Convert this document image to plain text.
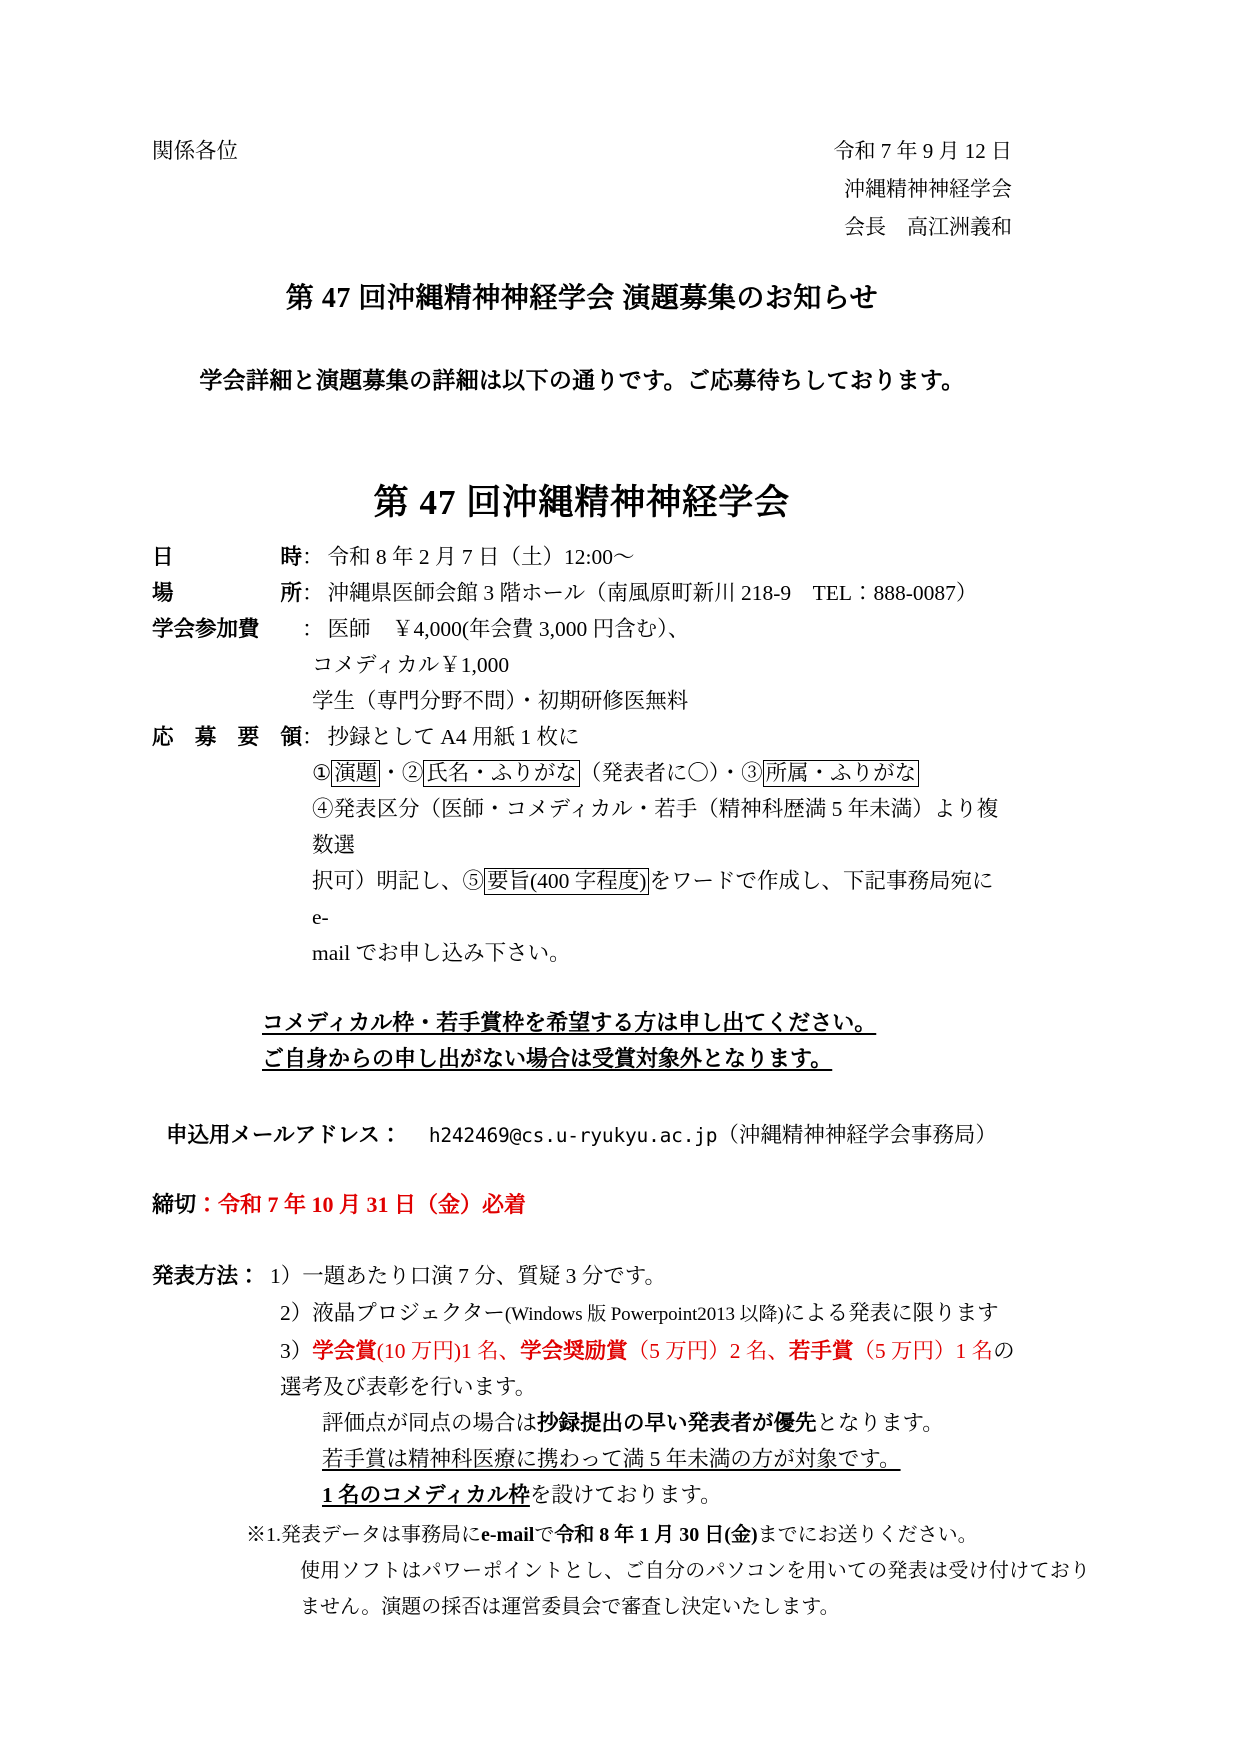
関係各位	令和 7 年 9 月 12 日
沖縄精神神経学会
会長　高江洲義和
第 47 回沖縄精神神経学会 演題募集のお知らせ
学会詳細と演題募集の詳細は以下の通りです。ご応募待ちしております。
第 47 回沖縄精神神経学会
日	時 ： 令和 8 年 2 月 7 日（土）12:00〜
場	所 ： 沖縄県医師会館 3 階ホール（南風原町新川 218-9　TEL：888-0087）
学会参加費	： 医師　￥4,000(年会費 3,000 円含む）、
コメディカル￥1,000
学生（専門分野不問）・初期研修医無料
応 募 要 領 ： 抄録として A4 用紙 1 枚に
① 演題 ・② 氏名・ふりがな （発表者に〇）・③ 所属・ふりがな
④発表区分（医師・コメディカル・若手（精神科歴満 5 年未満）より複数選
択可）明記し、⑤ 要旨(400 字程度) をワードで作成し、下記事務局宛に e-
mail でお申し込み下さい。
コメディカル枠・若手賞枠を希望する方は申し出てください。
ご自身からの申し出がない場合は受賞対象外となります。
申込用メールアドレス： h242469@cs.u-ryukyu.ac.jp（沖縄精神神経学会事務局）
締切：令和 7 年 10 月 31 日（金）必着
発表方法： 1）一題あたり口演 7 分、質疑 3 分です。
2）液晶プロジェクター(Windows 版 Powerpoint2013 以降)による発表に限ります
3）学会賞(10 万円)1 名、学会奨励賞（5 万円）2 名、若手賞（5 万円）1 名の
選考及び表彰を行います。
評価点が同点の場合は抄録提出の早い発表者が優先となります。
若手賞は精神科医療に携わって満 5 年未満の方が対象です。
1 名のコメディカル枠を設けております。
※1.発表データは事務局にe-mailで令和 8 年 1 月 30 日(金)までにお送りください。
使用ソフトはパワーポイントとし、ご自分のパソコンを用いての発表は受け付けておりません。演題の採否は運営委員会で審査し決定いたします。
